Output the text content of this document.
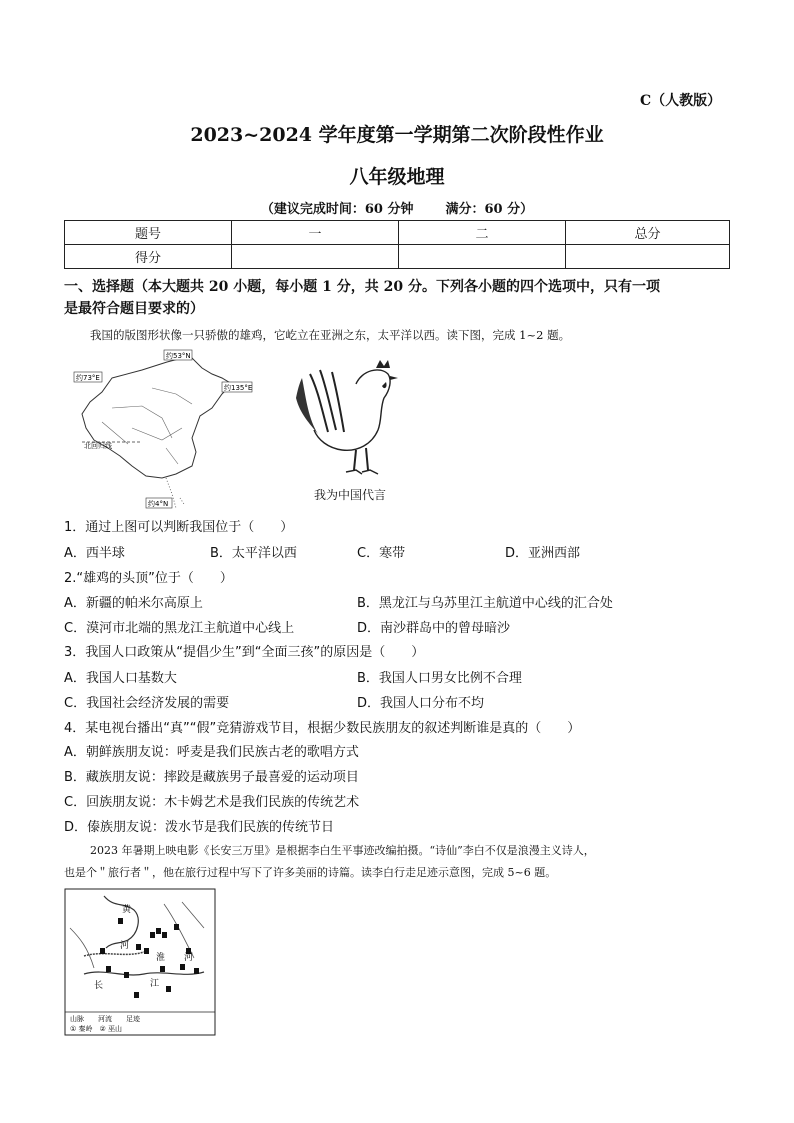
C（人教版）
2023~2024 学年度第一学期第二次阶段性作业
八年级地理
（建议完成时间：60 分钟 满分：60 分）
题号	一	二	总分
得分			
一、选择题（本大题共 20 小题，每小题 1 分，共 20 分。下列各小题的四个选项中，只有一项
是最符合题目要求的）
我国的版图形状像一只骄傲的雄鸡，它屹立在亚洲之东，太平洋以西。读下图，完成 1~2 题。
约53°N
约73°E
约135°E
北回归线
约4°N
我为中国代言
1．通过上图可以判断我国位于（　　）
A．西半球	B．太平洋以西	C．寒带	D．亚洲西部
2.“雄鸡的头顶”位于（　　）
A．新疆的帕米尔高原上	B．黑龙江与乌苏里江主航道中心线的汇合处
C．漠河市北端的黑龙江主航道中心线上	D．南沙群岛中的曾母暗沙
3．我国人口政策从“提倡少生”到“全面三孩”的原因是（　　）
A．我国人口基数大	B．我国人口男女比例不合理
C．我国社会经济发展的需要	D．我国人口分布不均
4．某电视台播出“真”“假”竞猜游戏节目，根据少数民族朋友的叙述判断谁是真的（　　）
A．朝鲜族朋友说：呼麦是我们民族古老的歌唱方式
B．藏族朋友说：摔跤是藏族男子最喜爱的运动项目
C．回族朋友说：木卡姆艺术是我们民族的传统艺术
D．傣族朋友说：泼水节是我们民族的传统节日
2023 年暑期上映电影《长安三万里》是根据李白生平事迹改编拍摄。“诗仙”李白不仅是浪漫主义诗人，
也是个＂旅行者＂，他在旅行过程中写下了许多美丽的诗篇。读李白行走足迹示意图，完成 5~6 题。
黄
河
长	江
淮 河
山脉　　河流　　足迹
① 秦岭　② 巫山
